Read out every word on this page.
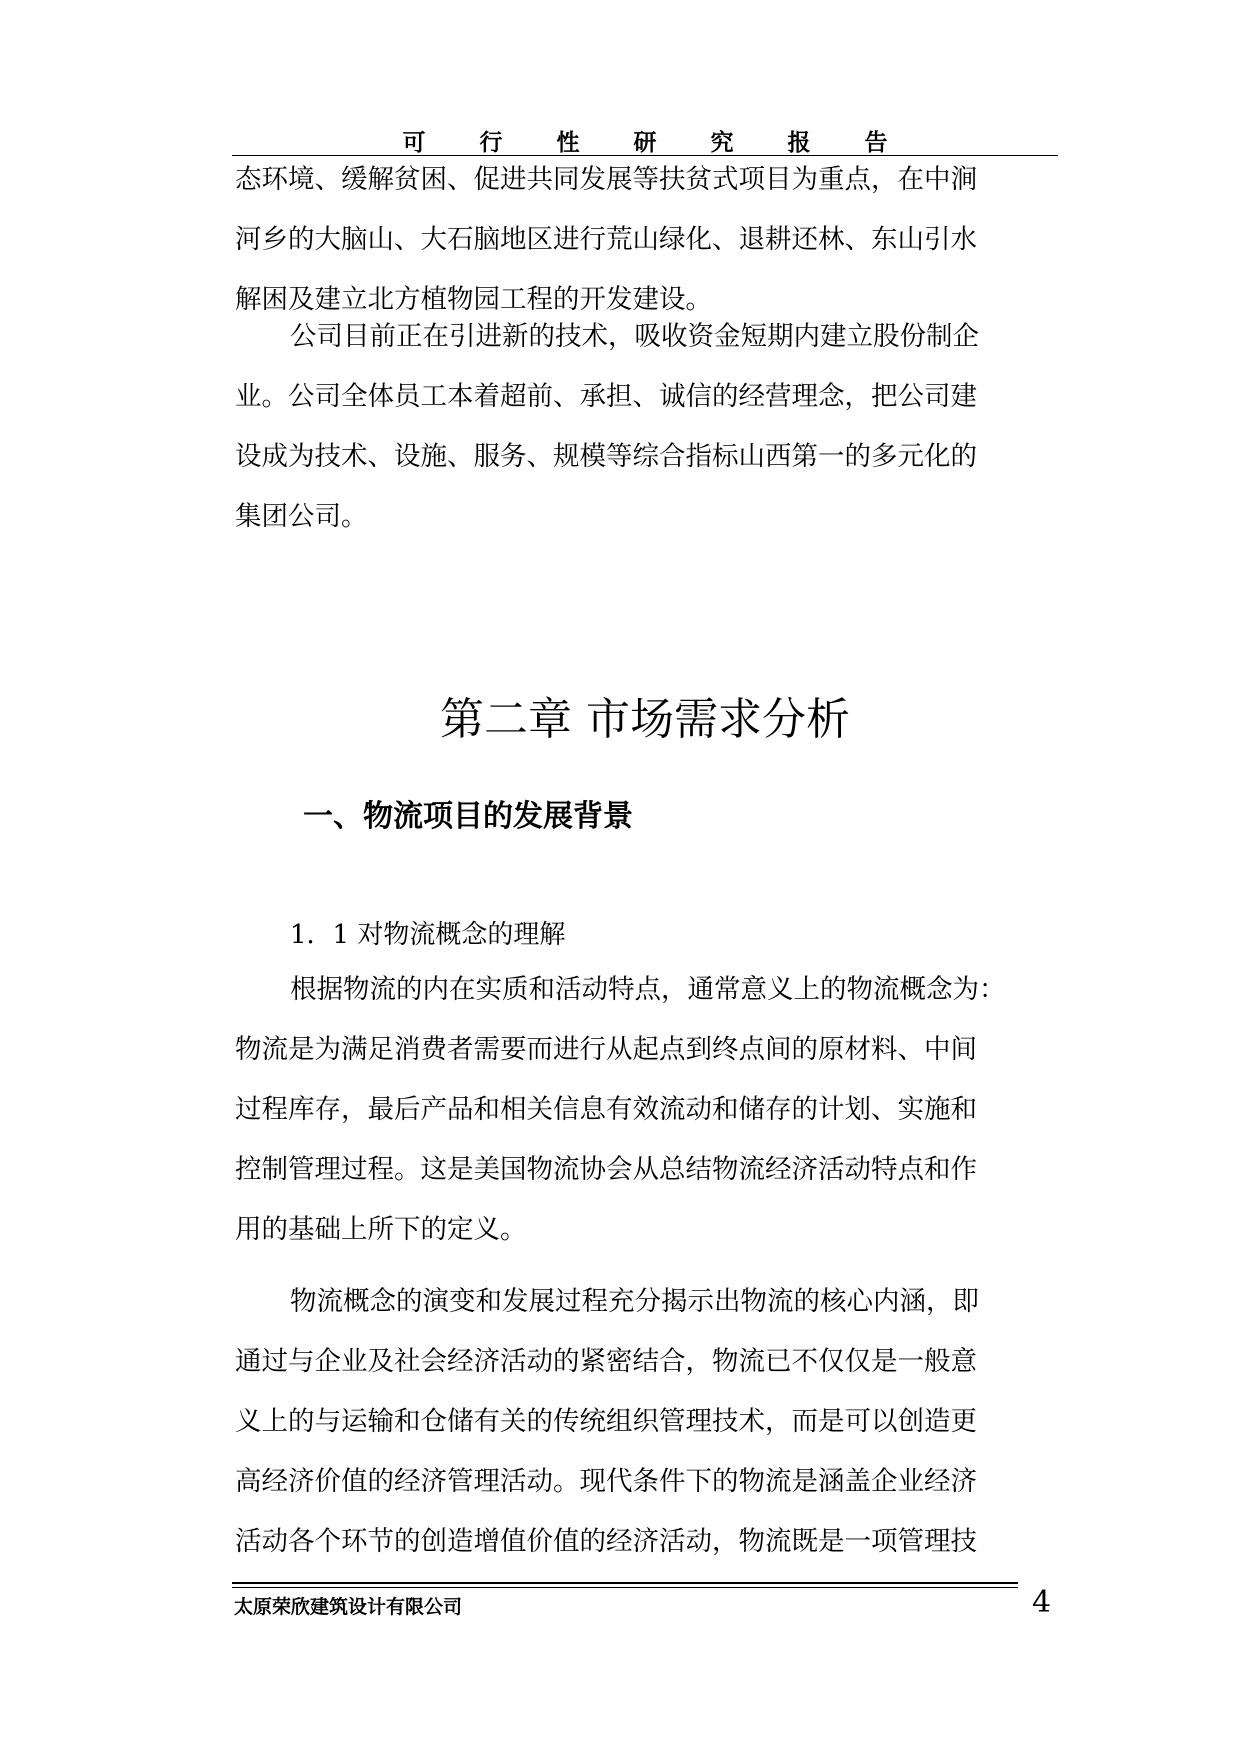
可 行 性 研 究 报 告
态环境、缓解贫困、促进共同发展等扶贫式项目为重点，在中涧
河乡的大脑山、大石脑地区进行荒山绿化、退耕还林、东山引水
解困及建立北方植物园工程的开发建设。
公司目前正在引进新的技术，吸收资金短期内建立股份制企
业。公司全体员工本着超前、承担、诚信的经营理念，把公司建
设成为技术、设施、服务、规模等综合指标山西第一的多元化的
集团公司。
第二章 市场需求分析
一、物流项目的发展背景
1．1 对物流概念的理解
根据物流的内在实质和活动特点，通常意义上的物流概念为：
物流是为满足消费者需要而进行从起点到终点间的原材料、中间
过程库存，最后产品和相关信息有效流动和储存的计划、实施和
控制管理过程。这是美国物流协会从总结物流经济活动特点和作
用的基础上所下的定义。
物流概念的演变和发展过程充分揭示出物流的核心内涵，即
通过与企业及社会经济活动的紧密结合，物流已不仅仅是一般意
义上的与运输和仓储有关的传统组织管理技术，而是可以创造更
高经济价值的经济管理活动。现代条件下的物流是涵盖企业经济
活动各个环节的创造增值价值的经济活动，物流既是一项管理技
太原荣欣建筑设计有限公司	4
